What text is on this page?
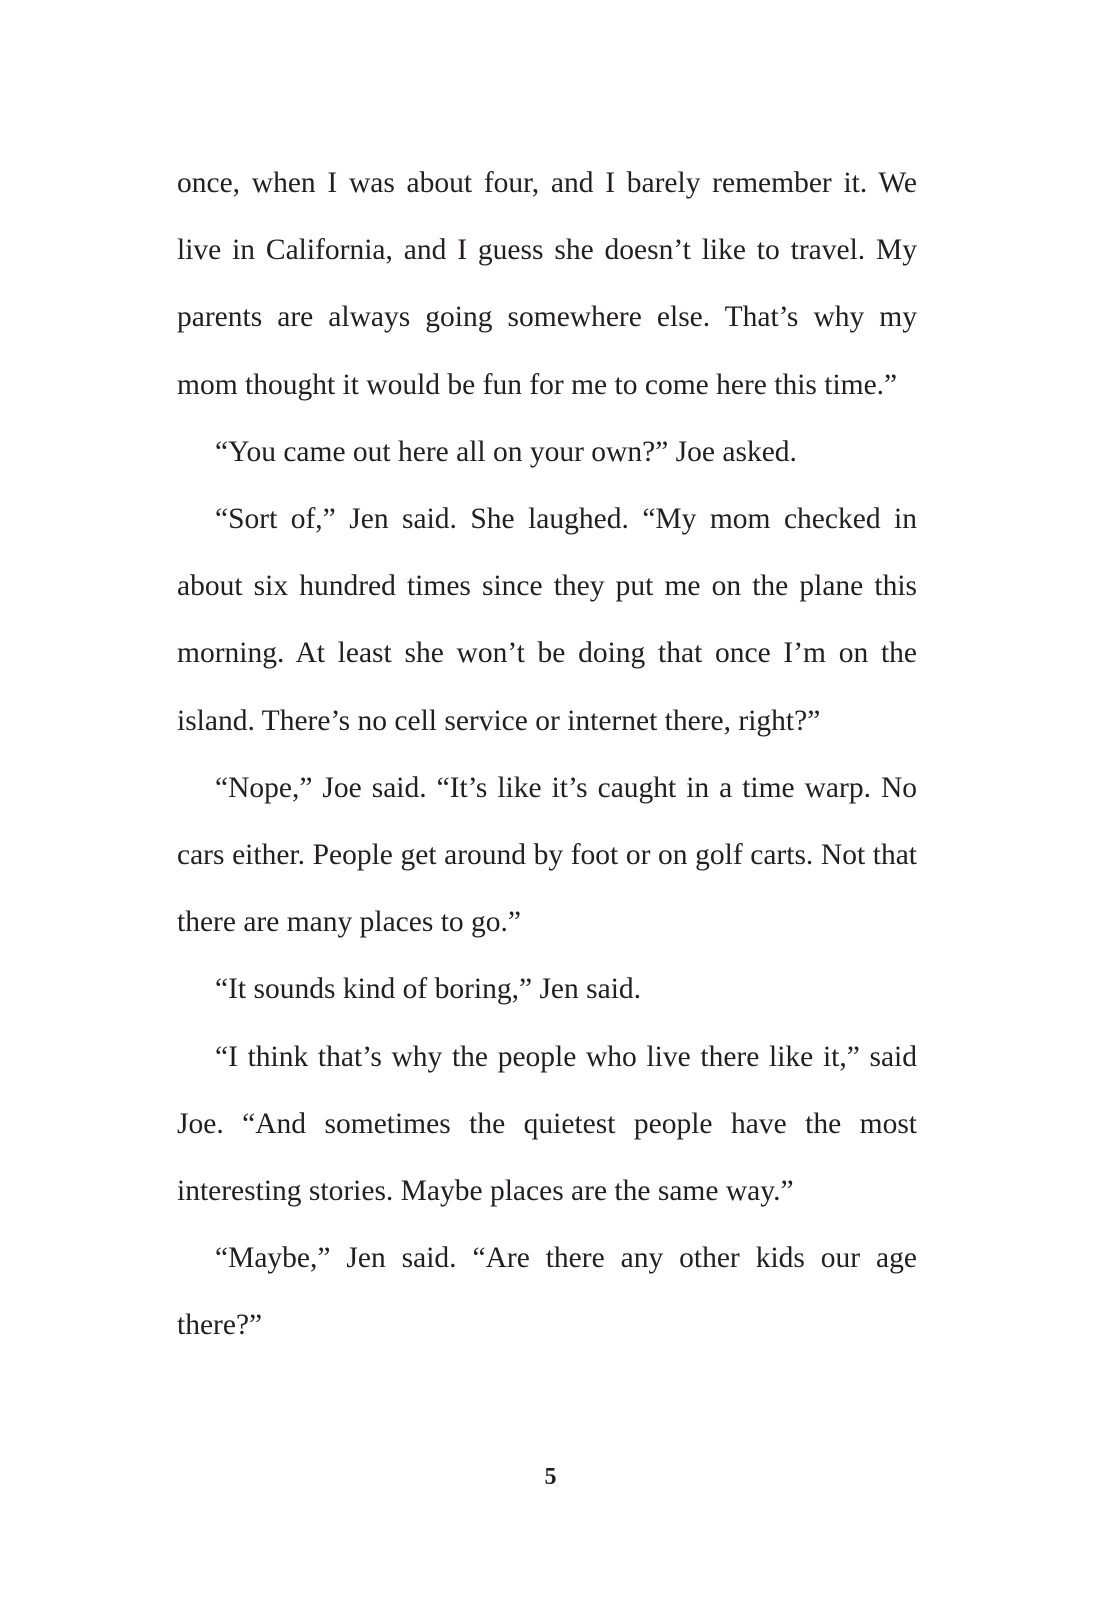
once, when I was about four, and I barely remember it. We live in California, and I guess she doesn’t like to travel. My parents are always going somewhere else. That’s why my mom thought it would be fun for me to come here this time.”

“You came out here all on your own?” Joe asked.

“Sort of,” Jen said. She laughed. “My mom checked in about six hundred times since they put me on the plane this morning. At least she won’t be doing that once I’m on the island. There’s no cell service or internet there, right?”

“Nope,” Joe said. “It’s like it’s caught in a time warp. No cars either. People get around by foot or on golf carts. Not that there are many places to go.”

“It sounds kind of boring,” Jen said.

“I think that’s why the people who live there like it,” said Joe. “And sometimes the quietest people have the most interesting stories. Maybe places are the same way.”

“Maybe,” Jen said. “Are there any other kids our age there?”

5
